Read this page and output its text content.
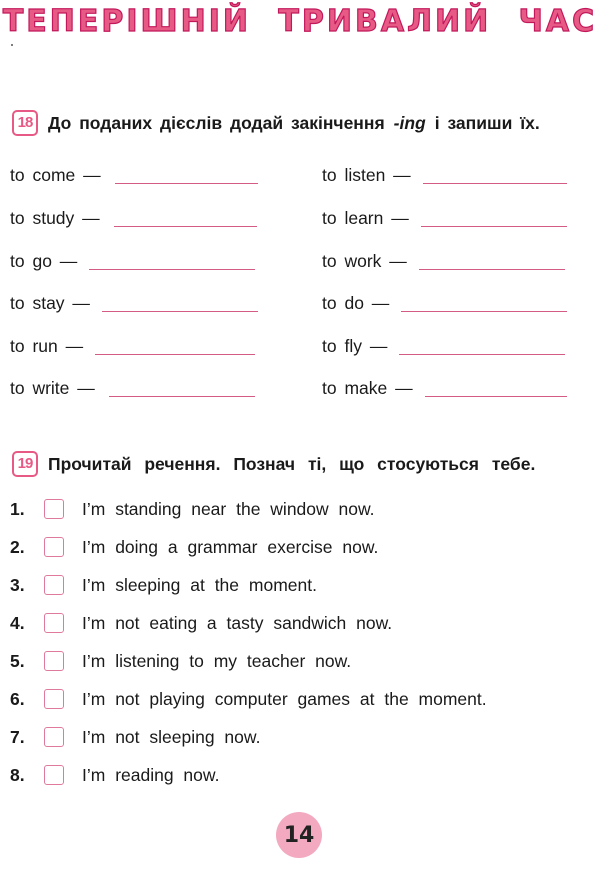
ТЕПЕРІШНІЙ ТРИВАЛИЙ ЧАС
18 До поданих дієслів додай закінчення -ing і запиши їх.
to come —
to study —
to go —
to stay —
to run —
to write —
to listen —
to learn —
to work —
to do —
to fly —
to make —
19 Прочитай речення. Познач ті, що стосуються тебе.
1.	I’m standing near the window now.
2.	I’m doing a grammar exercise now.
3.	I’m sleeping at the moment.
4.	I’m not eating a tasty sandwich now.
5.	I’m listening to my teacher now.
6.	I’m not playing computer games at the moment.
7.	I’m not sleeping now.
8.	I’m reading now.
14
